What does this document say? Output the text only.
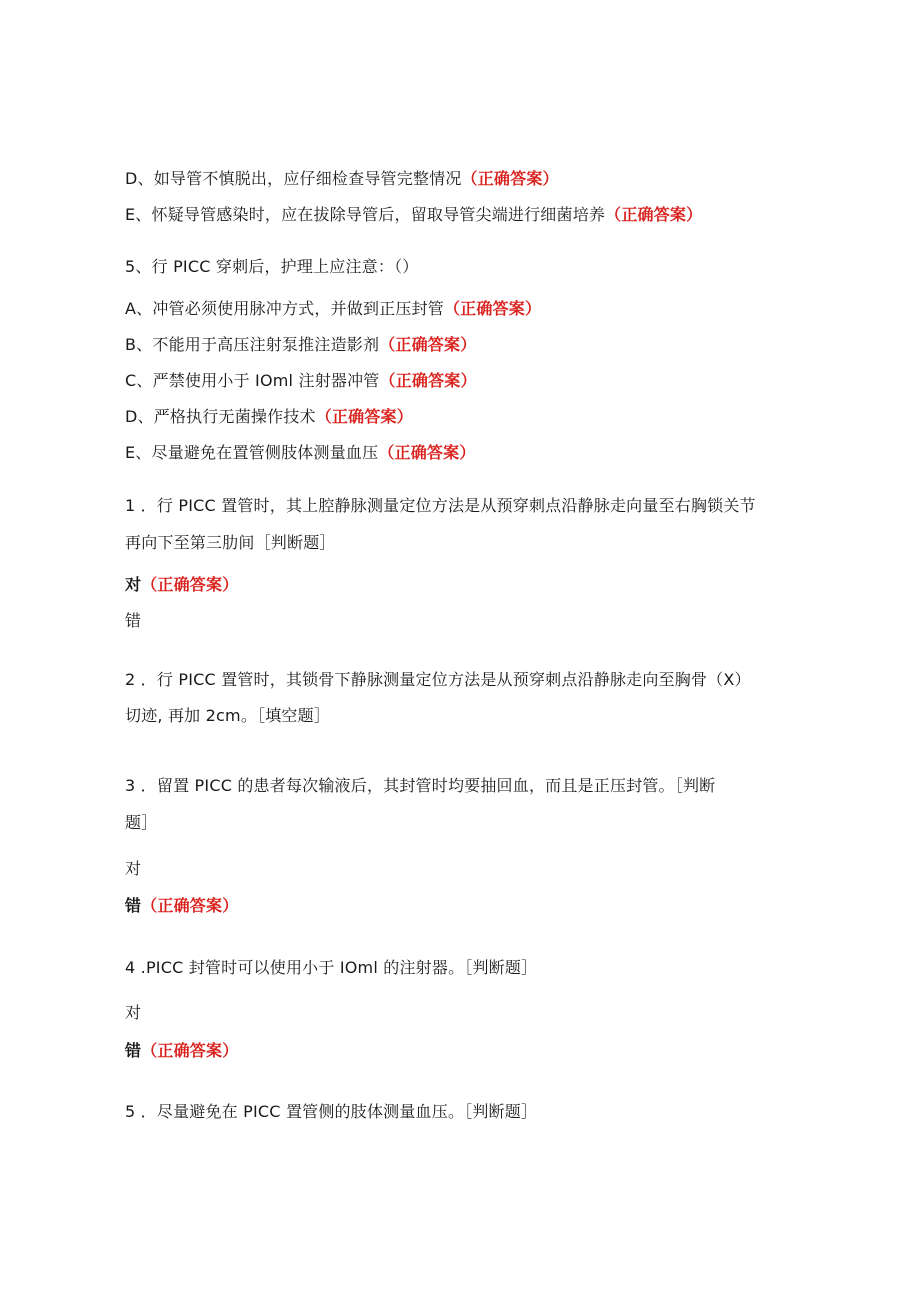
D、如导管不慎脱出，应仔细检查导管完整情况（正确答案）
E、怀疑导管感染时，应在拔除导管后，留取导管尖端进行细菌培养（正确答案）
5、行 PICC 穿刺后，护理上应注意：（）
A、冲管必须使用脉冲方式，并做到正压封管（正确答案）
B、不能用于高压注射泵推注造影剂（正确答案）
C、严禁使用小于 IOml 注射器冲管（正确答案）
D、严格执行无菌操作技术（正确答案）
E、尽量避免在置管侧肢体测量血压（正确答案）
1 ．行 PICC 置管时，其上腔静脉测量定位方法是从预穿刺点沿静脉走向量至右胸锁关节
再向下至第三肋间［判断题］
对（正确答案）
错
2 ．行 PICC 置管时，其锁骨下静脉测量定位方法是从预穿刺点沿静脉走向至胸骨（X）
切迹, 再加 2cm。［填空题］
3 ．留置 PICC 的患者每次输液后，其封管时均要抽回血，而且是正压封管。［判断
题］
对
错（正确答案）
4 .PICC 封管时可以使用小于 IOml 的注射器。［判断题］
对
错（正确答案）
5 ．尽量避免在 PICC 置管侧的肢体测量血压。［判断题］
